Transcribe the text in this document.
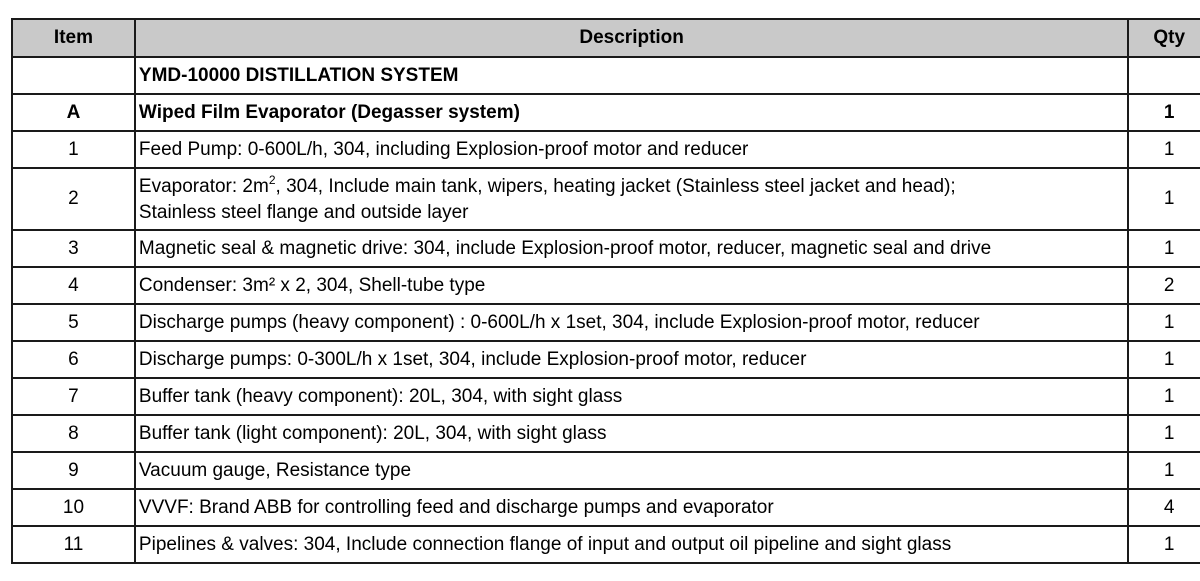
Item	Description	Qty
	YMD-10000 DISTILLATION SYSTEM	
A	Wiped Film Evaporator (Degasser system)	1
1	Feed Pump: 0-600L/h, 304, including Explosion-proof motor and reducer	1
2	Evaporator: $2m^2$, 304, Include main tank, wipers, heating jacket (Stainless steel jacket and head);
Stainless steel flange and outside layer	1
3	Magnetic seal & magnetic drive: 304, include Explosion-proof motor, reducer, magnetic seal and drive	1
4	Condenser: 3m² x 2, 304, Shell-tube type	2
5	Discharge pumps (heavy component) : 0-600L/h x 1set, 304, include Explosion-proof motor, reducer	1
6	Discharge pumps: 0-300L/h x 1set, 304, include Explosion-proof motor, reducer	1
7	Buffer tank (heavy component): 20L, 304, with sight glass	1
8	Buffer tank (light component): 20L, 304, with sight glass	1
9	Vacuum gauge, Resistance type	1
10	VVVF: Brand ABB for controlling feed and discharge pumps and evaporator	4
11	Pipelines & valves: 304, Include connection flange of input and output oil pipeline and sight glass	1
